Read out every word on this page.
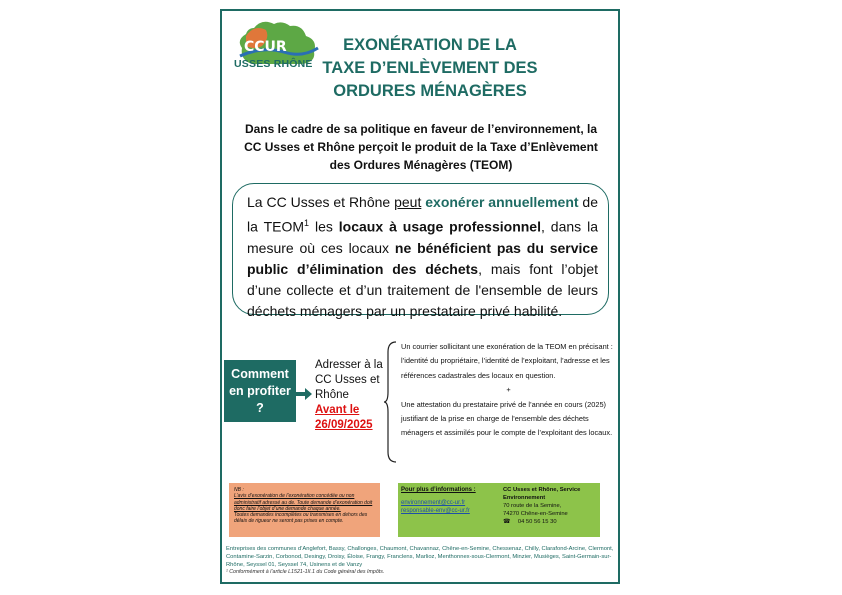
CCUR
USSES RHÔNE
EXONÉRATION DE LA
TAXE D’ENLÈVEMENT DES
ORDURES MÉNAGÈRES
Dans le cadre de sa politique en faveur de l’environnement, la
CC Usses et Rhône perçoit le produit de la Taxe d’Enlèvement
des Ordures Ménagères (TEOM)
La CC Usses et Rhône peut exonérer annuellement de la TEOM$^1$ les locaux à usage professionnel, dans la mesure où ces locaux ne bénéficient pas du service public d’élimination des déchets, mais font l’objet d’une collecte et d’un traitement de l'ensemble de leurs déchets ménagers par un prestataire privé habilité.
Comment
en profiter
?
Adresser à la
CC Usses et
Rhône
Avant le
26/09/2025
Un courrier sollicitant une exonération de la TEOM en précisant : l’identité du propriétaire, l’identité de l’exploitant, l’adresse et les références cadastrales des locaux en question.
+
Une attestation du prestataire privé de l’année en cours (2025) justifiant de la prise en charge de l’ensemble des déchets ménagers et assimilés pour le compte de l’exploitant des locaux.
NB :
L’avis d’exonération de l’exonération concédée ou non administratif adressé au de. Toute demande d’exonération doit donc faire l’objet d’une demande chaque année.
Toutes demandes incomplètes ou transmises en dehors des délais de rigueur ne seront pas prises en compte.
Pour plus d’informations :
environnement@cc-ur.fr
responsable-env@cc-ur.fr
CC Usses et Rhône, Service Environnement
70 route de la Semine,
74270 Chêne-en-Semine
☎ 04 50 56 15 30
Entreprises des communes d’Anglefort, Bassy, Challonges, Chaumont, Chavannaz, Chêne-en-Semine, Chessenaz, Chilly, Clarafond-Arcine, Clermont, Contamine-Sarzin, Corbonod, Desingy, Droisy, Éloise, Frangy, Franclens, Marlioz, Menthonnex-sous-Clermont, Minzier, Musièges, Saint-Germain-sur-Rhône, Seyssel 01, Seyssel 74, Usinens et de Vanzy
¹ Conformément à l’article L1521-1II.1 du Code général des Impôts.
